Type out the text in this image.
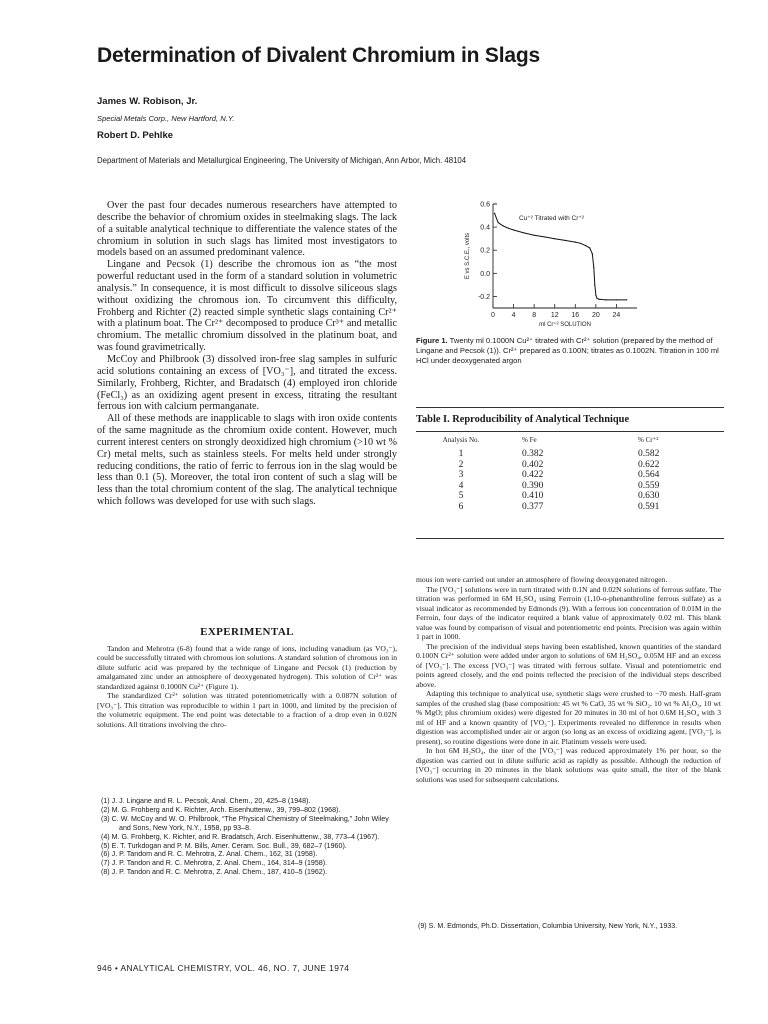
Determination of Divalent Chromium in Slags
James W. Robison, Jr.
Special Metals Corp., New Hartford, N.Y.
Robert D. Pehlke
Department of Materials and Metallurgical Engineering, The University of Michigan, Ann Arbor, Mich. 48104

Over the past four decades numerous researchers have attempted to describe the behavior of chromium oxides in steelmaking slags. The lack of a suitable analytical technique to differentiate the valence states of the chromium in solution in such slags has limited most investigators to models based on an assumed predominant valence.

Lingane and Pecsok (1) describe the chromous ion as “the most powerful reductant used in the form of a standard solution in volumetric analysis.” In consequence, it is most difficult to dissolve siliceous slags without oxidizing the chromous ion. To circumvent this difficulty, Frohberg and Richter (2) reacted simple synthetic slags containing Cr²⁺ with a platinum boat. The Cr²⁺ decomposed to produce Cr³⁺ and metallic chromium. The metallic chromium dissolved in the platinum boat, and was found gravimetrically.

McCoy and Philbrook (3) dissolved iron-free slag samples in sulfuric acid solutions containing an excess of [VO₃⁻], and titrated the excess. Similarly, Frohberg, Richter, and Bradatsch (4) employed iron chloride (FeCl₃) as an oxidizing agent present in excess, titrating the resultant ferrous ion with calcium permanganate.

All of these methods are inapplicable to slags with iron oxide contents of the same magnitude as the chromium oxide content. However, much current interest centers on strongly deoxidized high chromium (>10 wt % Cr) metal melts, such as stainless steels. For melts held under strongly reducing conditions, the ratio of ferric to ferrous ion in the slag would be less than 0.1 (5). Moreover, the total iron content of such a slag will be less than the total chromium content of the slag. The analytical technique which follows was developed for use with such slags.

EXPERIMENTAL

Tandon and Mehrotra (6-8) found that a wide range of ions, including vanadium (as VO₃⁻), could be successfully titrated with chromous ion solutions. A standard solution of chromous ion in dilute sulfuric acid was prepared by the technique of Lingane and Pecsok (1) (reduction by amalgamated zinc under an atmosphere of deoxygenated hydrogen). This solution of Cr²⁺ was standardized against 0.1000N Cu²⁺ (Figure 1).

The standardized Cr²⁺ solution was titrated potentiometrically with a 0.087N solution of [VO₃⁻]. This titration was reproducible to within 1 part in 1000, and limited by the precision of the volumetric equipment. The end point was detectable to a fraction of a drop even in 0.02N solutions. All titrations involving the chro-

(1) J. J. Lingane and R. L. Pecsok, Anal. Chem., 20, 425–8 (1948).
(2) M. G. Frohberg and K. Richter, Arch. Eisenhuttenw., 39, 799–802 (1968).
(3) C. W. McCoy and W. O. Philbrook, “The Physical Chemistry of Steelmaking,” John Wiley and Sons, New York, N.Y., 1958, pp 93–8.
(4) M. G. Frohberg, K. Richter, and R. Bradatsch, Arch. Eisenhuttenw., 38, 773–4 (1967).
(5) E. T. Turkdogan and P. M. Bills, Amer. Ceram. Soc. Bull., 39, 682–7 (1960).
(6) J. P. Tandom and R. C. Mehrotra, Z. Anal. Chem., 162, 31 (1958).
(7) J. P. Tandon and R. C. Mehrotra, Z. Anal. Chem., 164, 314–9 (1958).
(8) J. P. Tandon and R. C. Mehrotra, Z. Anal. Chem., 187, 410–5 (1962).
946 • ANALYTICAL CHEMISTRY, VOL. 46, NO. 7, JUNE 1974
0.6
0.4
0.2
0.0
-0.2
0 4 8 12 16 20 24
ml Cr⁺² SOLUTION
E vs S.C.E., volts
Cu⁺² Titrated with Cr⁺²
Figure 1. Twenty ml 0.1000N Cu²⁺ titrated with Cr²⁺ solution (prepared by the method of Lingane and Pecsok (1)). Cr²⁺ prepared as 0.100N; titrates as 0.1002N. Titration in 100 ml HCl under deoxygenated argon
Table I. Reproducibility of Analytical Technique
Analysis No.	% Fe	% Cr⁺²
1	0.382	0.582
2	0.402	0.622
3	0.422	0.564
4	0.390	0.559
5	0.410	0.630
6	0.377	0.591

mous ion were carried out under an atmosphere of flowing deoxygenated nitrogen.

The [VO₃⁻] solutions were in turn titrated with 0.1N and 0.02N solutions of ferrous sulfate. The titration was performed in 6M H₂SO₄ using Ferroin (1,10-o-phenanthroline ferrous sulfate) as a visual indicator as recommended by Edmonds (9). With a ferrous ion concentration of 0.01M in the Ferroin, four days of the indicator required a blank value of approximately 0.02 ml. This blank value was found by comparison of visual and potentiometric end points. Precision was again within 1 part in 1000.

The precision of the individual steps having been established, known quantities of the standard 0.100N Cr²⁺ solution were added under argon to solutions of 6M H₂SO₄, 0.05M HF and an excess of [VO₃⁻]. The excess [VO₃⁻] was titrated with ferrous sulfate. Visual and potentiometric end points agreed closely, and the end points reflected the precision of the individual steps described above.

Adapting this technique to analytical use, synthetic slags were crushed to −70 mesh. Half-gram samples of the crushed slag (base composition: 45 wt % CaO, 35 wt % SiO₂, 10 wt % Al₂O₃, 10 wt % MgO; plus chromium oxides) were digested for 20 minutes in 30 ml of hot 0.6M H₂SO₄ with 3 ml of HF and a known quantity of [VO₃⁻]. Experiments revealed no difference in results when digestion was accomplished under air or argon (so long as an excess of oxidizing agent, [VO₃⁻], is present), so routine digestions were done in air. Platinum vessels were used.

In hot 6M H₂SO₄, the titer of the [VO₃⁻] was reduced approximately 1% per hour, so the digestion was carried out in dilute sulfuric acid as rapidly as possible. Although the reduction of [VO₃⁻] occurring in 20 minutes in the blank solutions was quite small, the titer of the blank solutions was used for subsequent calculations.

(9) S. M. Edmonds, Ph.D. Dissertation, Columbia University, New York, N.Y., 1933.
